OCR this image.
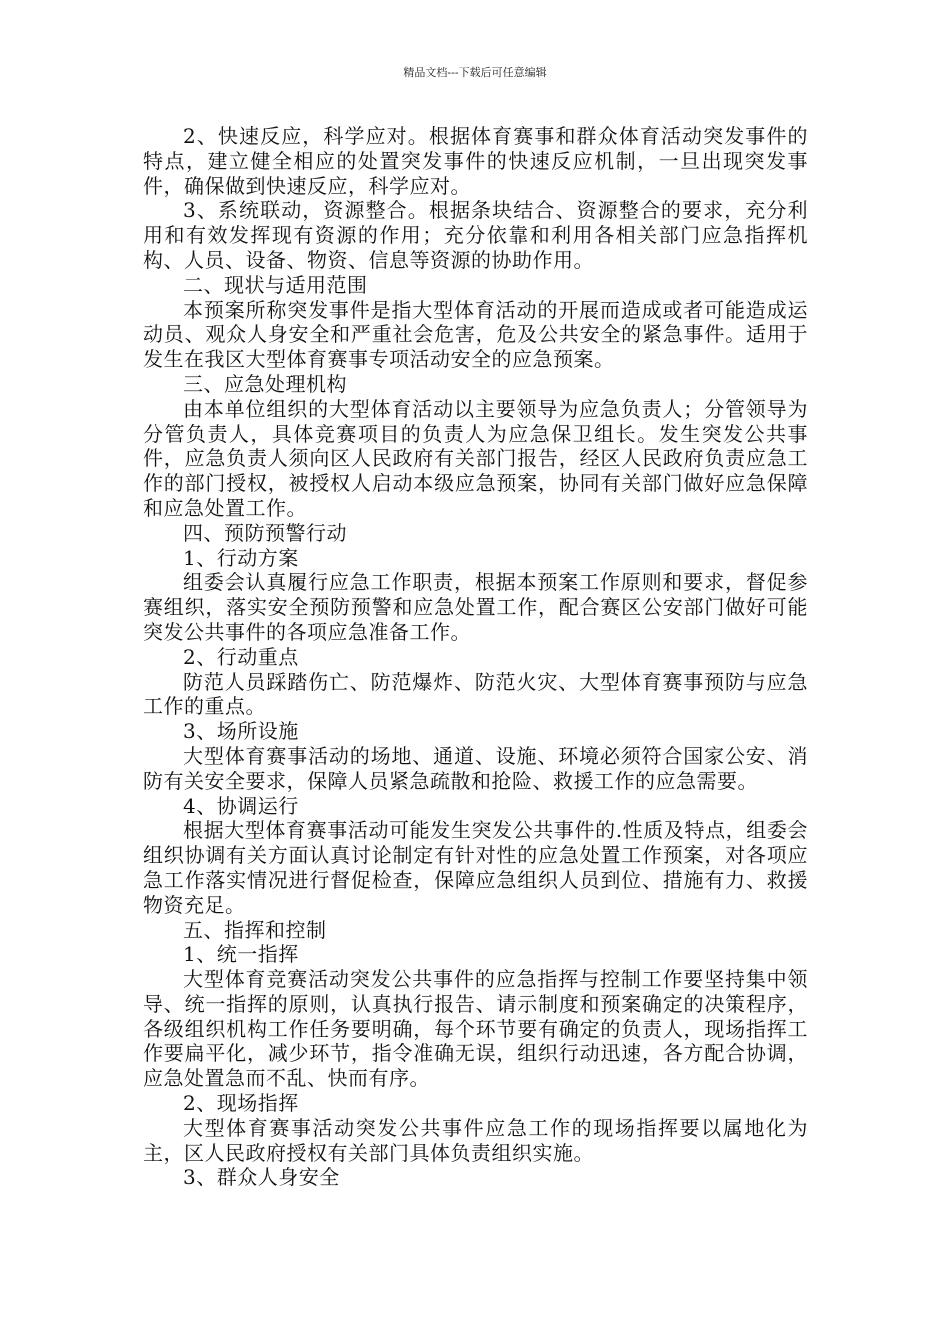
精品文档---下载后可任意编辑

2、快速反应，科学应对。根据体育赛事和群众体育活动突发事件的特点，建立健全相应的处置突发事件的快速反应机制，一旦出现突发事件，确保做到快速反应，科学应对。

3、系统联动，资源整合。根据条块结合、资源整合的要求，充分利用和有效发挥现有资源的作用；充分依靠和利用各相关部门应急指挥机构、人员、设备、物资、信息等资源的协助作用。

二、现状与适用范围

本预案所称突发事件是指大型体育活动的开展而造成或者可能造成运动员、观众人身安全和严重社会危害，危及公共安全的紧急事件。适用于发生在我区大型体育赛事专项活动安全的应急预案。

三、应急处理机构

由本单位组织的大型体育活动以主要领导为应急负责人；分管领导为分管负责人，具体竞赛项目的负责人为应急保卫组长。发生突发公共事件，应急负责人须向区人民政府有关部门报告，经区人民政府负责应急工作的部门授权，被授权人启动本级应急预案，协同有关部门做好应急保障和应急处置工作。

四、预防预警行动

1、行动方案

组委会认真履行应急工作职责，根据本预案工作原则和要求，督促参赛组织，落实安全预防预警和应急处置工作，配合赛区公安部门做好可能突发公共事件的各项应急准备工作。

2、行动重点

防范人员踩踏伤亡、防范爆炸、防范火灾、大型体育赛事预防与应急工作的重点。

3、场所设施

大型体育赛事活动的场地、通道、设施、环境必须符合国家公安、消防有关安全要求，保障人员紧急疏散和抢险、救援工作的应急需要。

4、协调运行

根据大型体育赛事活动可能发生突发公共事件的.性质及特点，组委会组织协调有关方面认真讨论制定有针对性的应急处置工作预案，对各项应急工作落实情况进行督促检查，保障应急组织人员到位、措施有力、救援物资充足。

五、指挥和控制

1、统一指挥

大型体育竞赛活动突发公共事件的应急指挥与控制工作要坚持集中领导、统一指挥的原则，认真执行报告、请示制度和预案确定的决策程序，各级组织机构工作任务要明确，每个环节要有确定的负责人，现场指挥工作要扁平化，减少环节，指令准确无误，组织行动迅速，各方配合协调，应急处置急而不乱、快而有序。

2、现场指挥

大型体育赛事活动突发公共事件应急工作的现场指挥要以属地化为主，区人民政府授权有关部门具体负责组织实施。

3、群众人身安全
